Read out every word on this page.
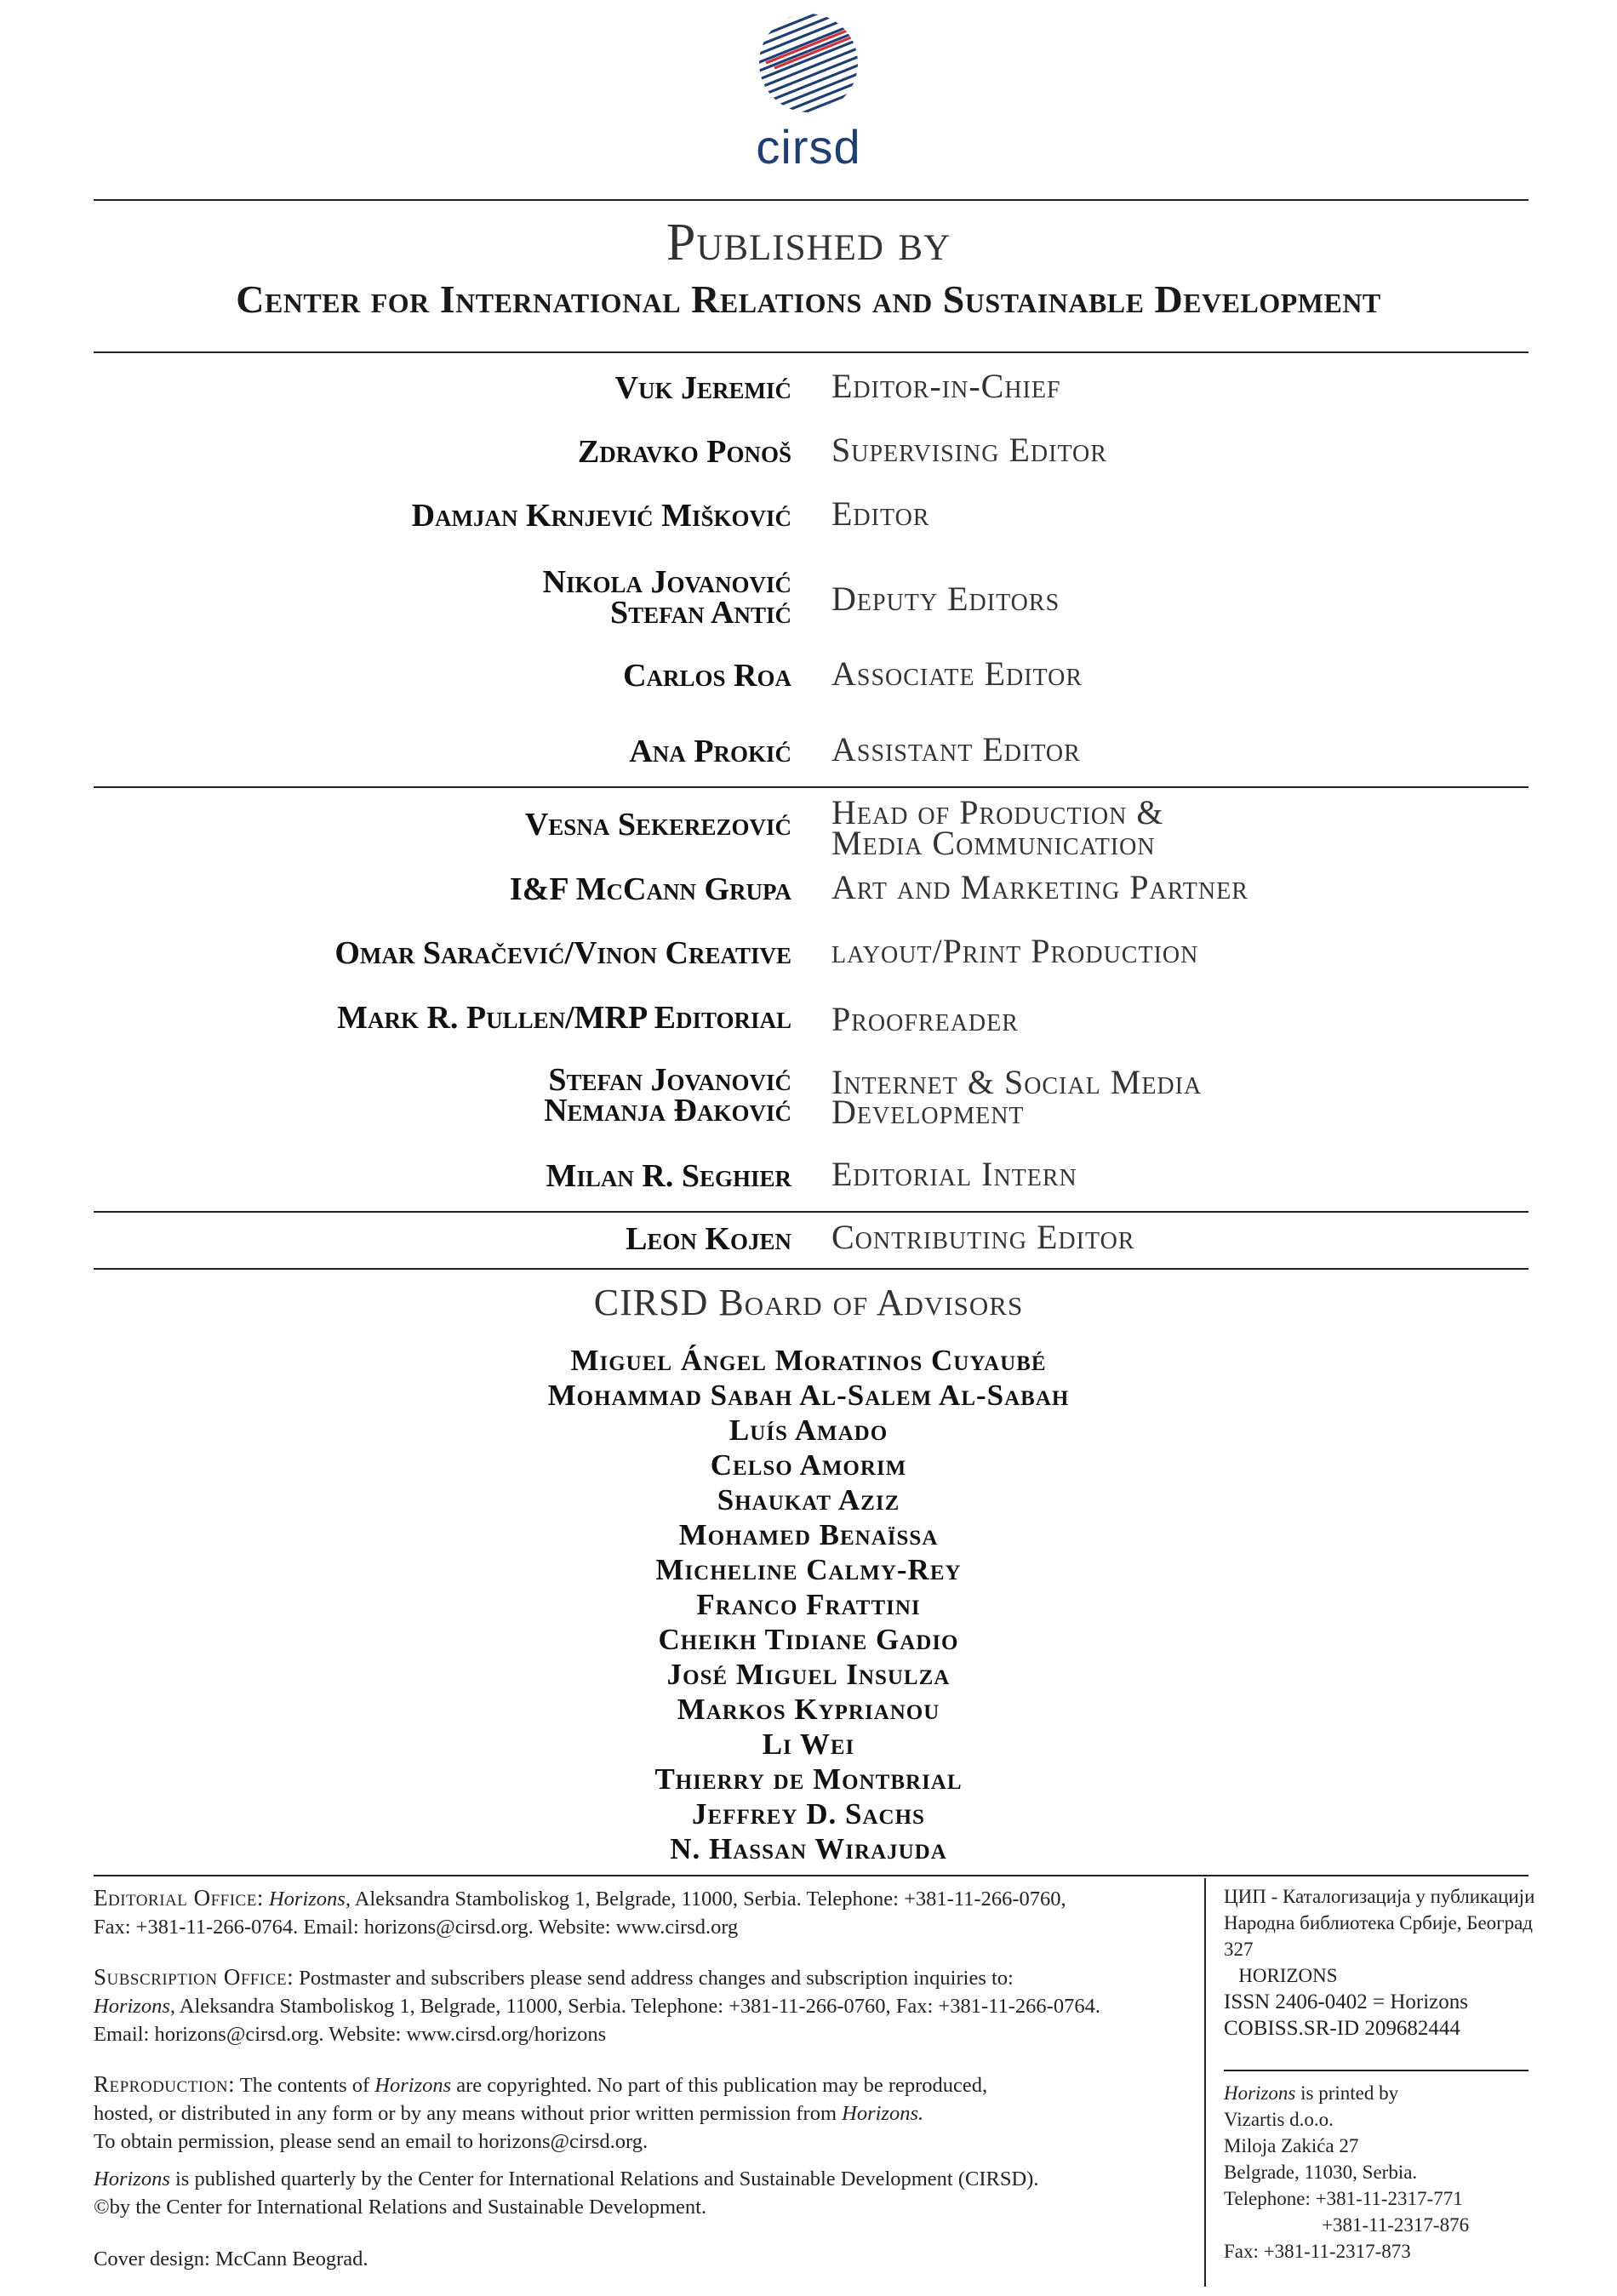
cirsd
Published by
Center for International Relations and Sustainable Development
Vuk Jeremić Editor-in-Chief
Zdravko Ponoš Supervising Editor
Damjan Krnjević Mišković Editor
Nikola Jovanović
Stefan Antić Deputy Editors
Carlos Roa Associate Editor
Ana Prokić Assistant Editor
Vesna Sekerezović Head of Production &
Media Communication
I&F McCann Grupa Art and Marketing Partner
Omar Saračević/Vinon Creative layout/Print Production
Mark R. Pullen/MRP Editorial Proofreader
Stefan Jovanović
Nemanja Đaković
Internet & Social Media
Development
Milan R. Seghier Editorial Intern
Leon Kojen Contributing Editor
CIRSD Board of Advisors
Miguel Ángel Moratinos Cuyaubé
Mohammad Sabah Al-Salem Al-Sabah
Luís Amado
Celso Amorim
Shaukat Aziz
Mohamed Benaïssa
Micheline Calmy-Rey
Franco Frattini
Cheikh Tidiane Gadio
José Miguel Insulza
Markos Kyprianou
Li Wei
Thierry de Montbrial
Jeffrey D. Sachs
N. Hassan Wirajuda
Editorial Office: Horizons, Aleksandra Stamboliskog 1, Belgrade, 11000, Serbia. Telephone: +381-11-266-0760,
Fax: +381-11-266-0764. Email: horizons@cirsd.org. Website: www.cirsd.org
Subscription Office: Postmaster and subscribers please send address changes and subscription inquiries to:
Horizons, Aleksandra Stamboliskog 1, Belgrade, 11000, Serbia. Telephone: +381-11-266-0760, Fax: +381-11-266-0764.
Email: horizons@cirsd.org. Website: www.cirsd.org/horizons
Reproduction: The contents of Horizons are copyrighted. No part of this publication may be reproduced,
hosted, or distributed in any form or by any means without prior written permission from Horizons.
To obtain permission, please send an email to horizons@cirsd.org.
Horizons is published quarterly by the Center for International Relations and Sustainable Development (CIRSD).
©by the Center for International Relations and Sustainable Development.
Cover design: McCann Beograd.
ЦИП - Каталогизација у публикацији
Народна библиотека Србије, Београд
327
HORIZONS
ISSN 2406-0402 = Horizons
COBISS.SR-ID 209682444
Horizons is printed by
Vizartis d.o.o.
Miloja Zakića 27
Belgrade, 11030, Serbia.
Telephone: +381-11-2317-771
+381-11-2317-876
Fax: +381-11-2317-873
